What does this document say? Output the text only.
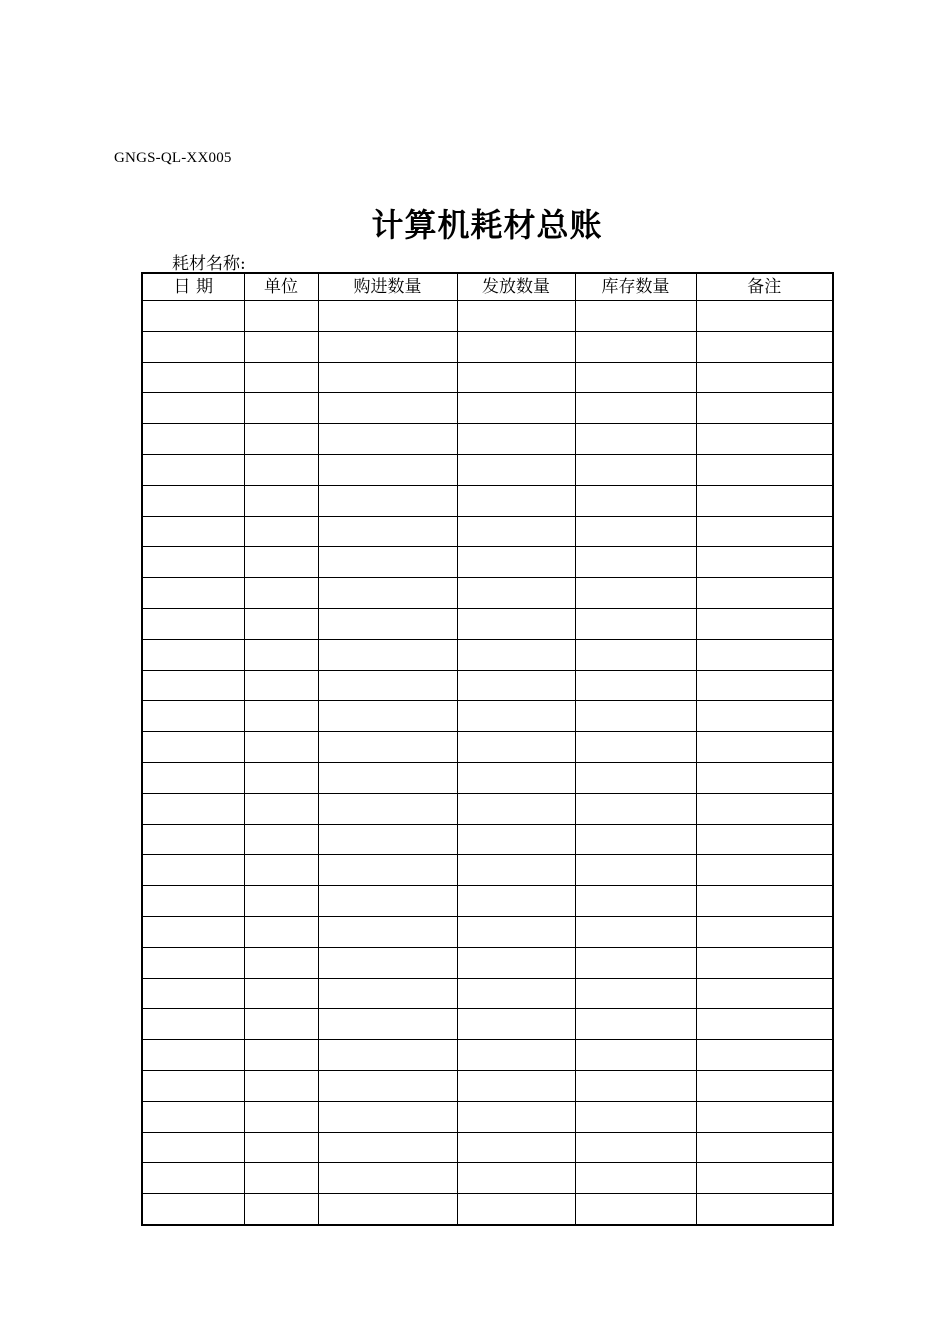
GNGS-QL-XX005
计算机耗材总账
耗材名称:
日 期	单位	购进数量	发放数量	库存数量	备注
